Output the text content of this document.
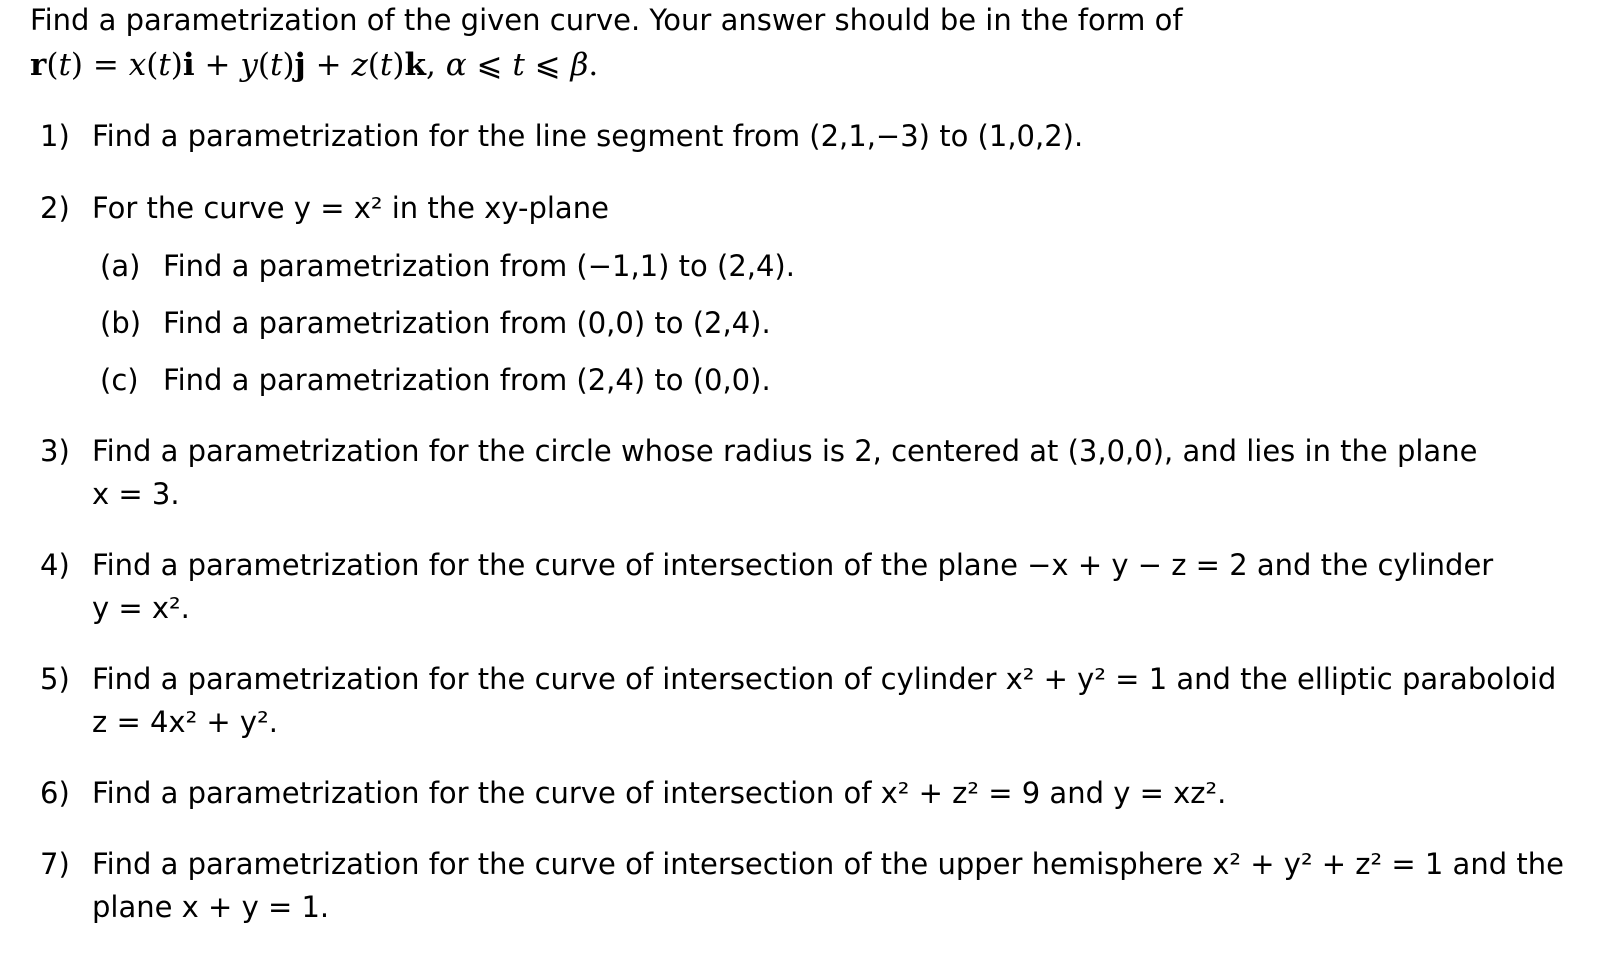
Find a parametrization of the given curve. Your answer should be in the form of
r(t) = x(t)i + y(t)j + z(t)k, α ⩽ t ⩽ β.
1) Find a parametrization for the line segment from (2,1,−3) to (1,0,2).
2) For the curve y = x² in the xy-plane
(a) Find a parametrization from (−1,1) to (2,4).
(b) Find a parametrization from (0,0) to (2,4).
(c) Find a parametrization from (2,4) to (0,0).
3) Find a parametrization for the circle whose radius is 2, centered at (3,0,0), and lies in the plane
x = 3.
4) Find a parametrization for the curve of intersection of the plane −x + y − z = 2 and the cylinder
y = x².
5) Find a parametrization for the curve of intersection of cylinder x² + y² = 1 and the elliptic paraboloid
z = 4x² + y².
6) Find a parametrization for the curve of intersection of x² + z² = 9 and y = xz².
7) Find a parametrization for the curve of intersection of the upper hemisphere x² + y² + z² = 1 and the
plane x + y = 1.
